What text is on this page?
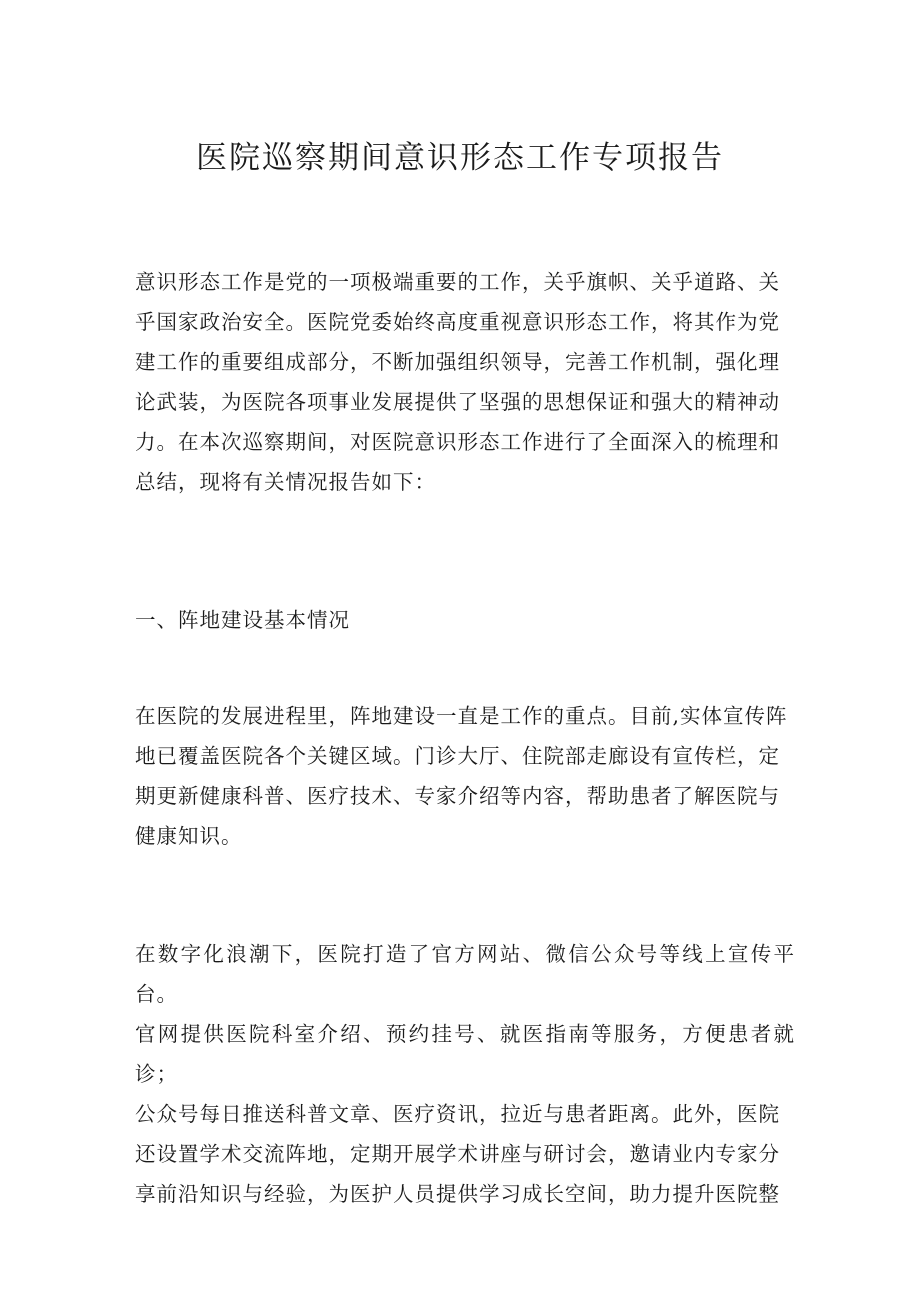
医院巡察期间意识形态工作专项报告
意识形态工作是党的一项极端重要的工作，关乎旗帜、关乎道路、关
乎国家政治安全。医院党委始终高度重视意识形态工作，将其作为党
建工作的重要组成部分，不断加强组织领导，完善工作机制，强化理
论武装，为医院各项事业发展提供了坚强的思想保证和强大的精神动
力。在本次巡察期间，对医院意识形态工作进行了全面深入的梳理和
总结，现将有关情况报告如下：
一、阵地建设基本情况
在医院的发展进程里，阵地建设一直是工作的重点。目前,实体宣传阵
地已覆盖医院各个关键区域。门诊大厅、住院部走廊设有宣传栏，定
期更新健康科普、医疗技术、专家介绍等内容，帮助患者了解医院与
健康知识。
在数字化浪潮下，医院打造了官方网站、微信公众号等线上宣传平台。
官网提供医院科室介绍、预约挂号、就医指南等服务，方便患者就诊；
公众号每日推送科普文章、医疗资讯，拉近与患者距离。此外，医院
还设置学术交流阵地，定期开展学术讲座与研讨会，邀请业内专家分
享前沿知识与经验，为医护人员提供学习成长空间，助力提升医院整
